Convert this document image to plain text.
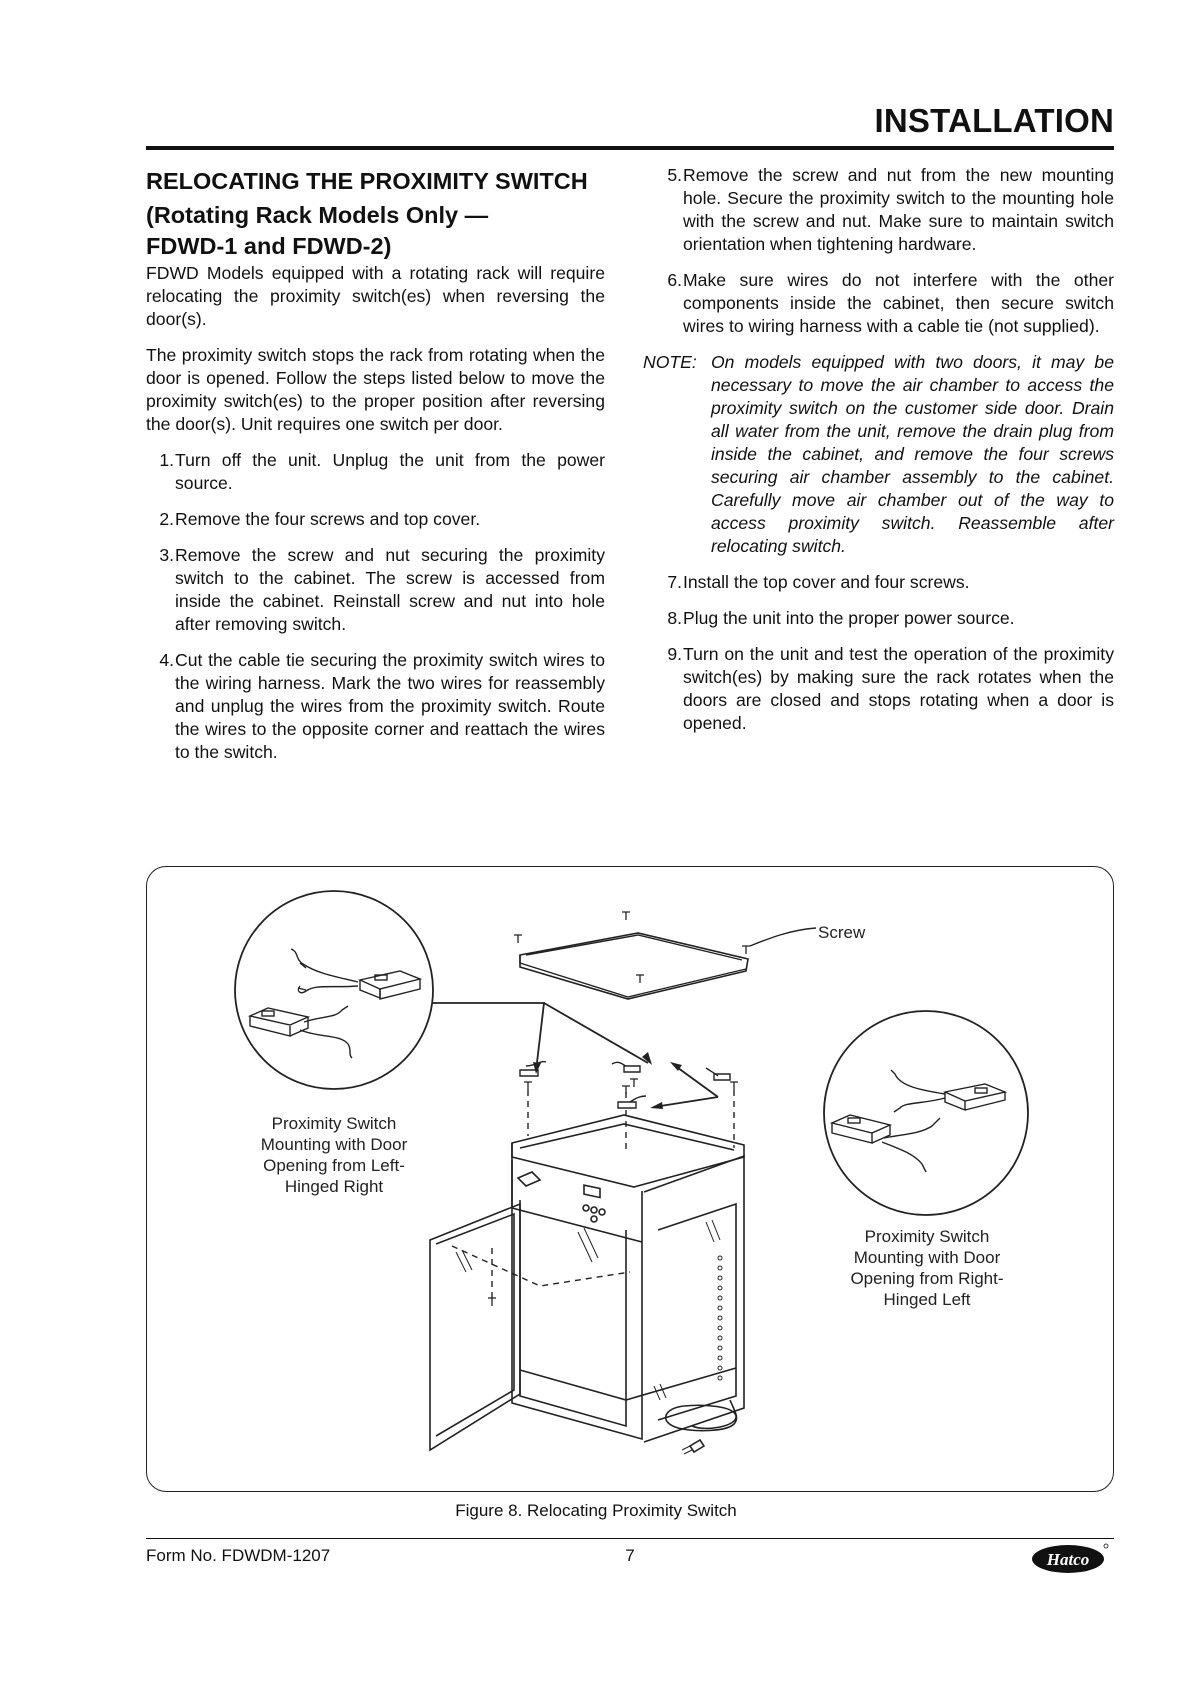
INSTALLATION
RELOCATING THE PROXIMITY SWITCH
(Rotating Rack Models Only —
FDWD-1 and FDWD-2)

FDWD Models equipped with a rotating rack will require relocating the proximity switch(es) when reversing the door(s).

The proximity switch stops the rack from rotating when the door is opened. Follow the steps listed below to move the proximity switch(es) to the proper position after reversing the door(s). Unit requires one switch per door.

1. Turn off the unit. Unplug the unit from the power source.
2. Remove the four screws and top cover.
3. Remove the screw and nut securing the proximity switch to the cabinet. The screw is accessed from inside the cabinet. Reinstall screw and nut into hole after removing switch.
4. Cut the cable tie securing the proximity switch wires to the wiring harness. Mark the two wires for reassembly and unplug the wires from the proximity switch. Route the wires to the opposite corner and reattach the wires to the switch.
5. Remove the screw and nut from the new mounting hole. Secure the proximity switch to the mounting hole with the screw and nut. Make sure to maintain switch orientation when tightening hardware.
6. Make sure wires do not interfere with the other components inside the cabinet, then secure switch wires to wiring harness with a cable tie (not supplied).
NOTE: On models equipped with two doors, it may be necessary to move the air chamber to access the proximity switch on the customer side door. Drain all water from the unit, remove the drain plug from inside the cabinet, and remove the four screws securing air chamber assembly to the cabinet. Carefully move air chamber out of the way to access proximity switch. Reassemble after relocating switch.
7. Install the top cover and four screws.
8. Plug the unit into the proper power source.
9. Turn on the unit and test the operation of the proximity switch(es) by making sure the rack rotates when the doors are closed and stops rotating when a door is opened.
Screw
Proximity Switch
Mounting with Door
Opening from Left-
Hinged Right
Proximity Switch
Mounting with Door
Opening from Right-
Hinged Left
Figure 8. Relocating Proximity Switch
Form No. FDWDM-1207	7	Hatco
